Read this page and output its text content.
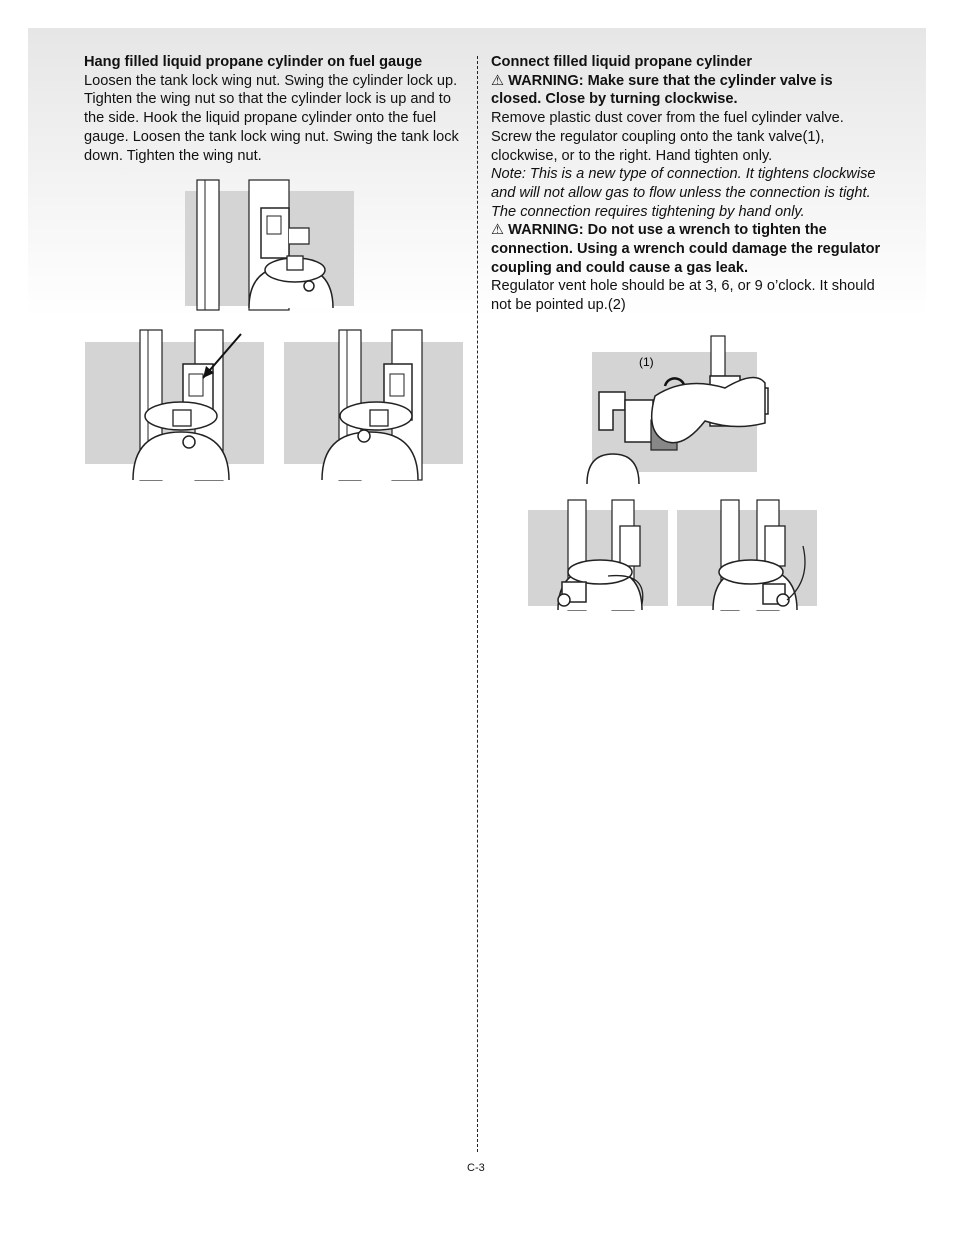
Hang filled liquid propane cylinder on fuel gauge

Loosen the tank lock wing nut. Swing the cylinder lock up. Tighten the wing nut so that the cylinder lock is up and to the side. Hook the liquid propane cylinder onto the fuel gauge. Loosen the tank lock wing nut. Swing the tank lock down. Tighten the wing nut.

Connect filled liquid propane cylinder

⚠ WARNING: Make sure that the cylinder valve is closed. Close by turning clockwise.

Remove plastic dust cover from the fuel cylinder valve. Screw the regulator coupling onto the tank valve(1), clockwise, or to the right. Hand tighten only.

Note: This is a new type of connection. It tightens clockwise and will not allow gas to flow unless the connection is tight. The connection requires tightening by hand only.

⚠ WARNING: Do not use a wrench to tighten the connection. Using a wrench could damage the regulator coupling and could cause a gas leak.

Regulator vent hole should be at 3, 6, or 9 o’clock. It should not be pointed up.(2)

(1)
C-3
